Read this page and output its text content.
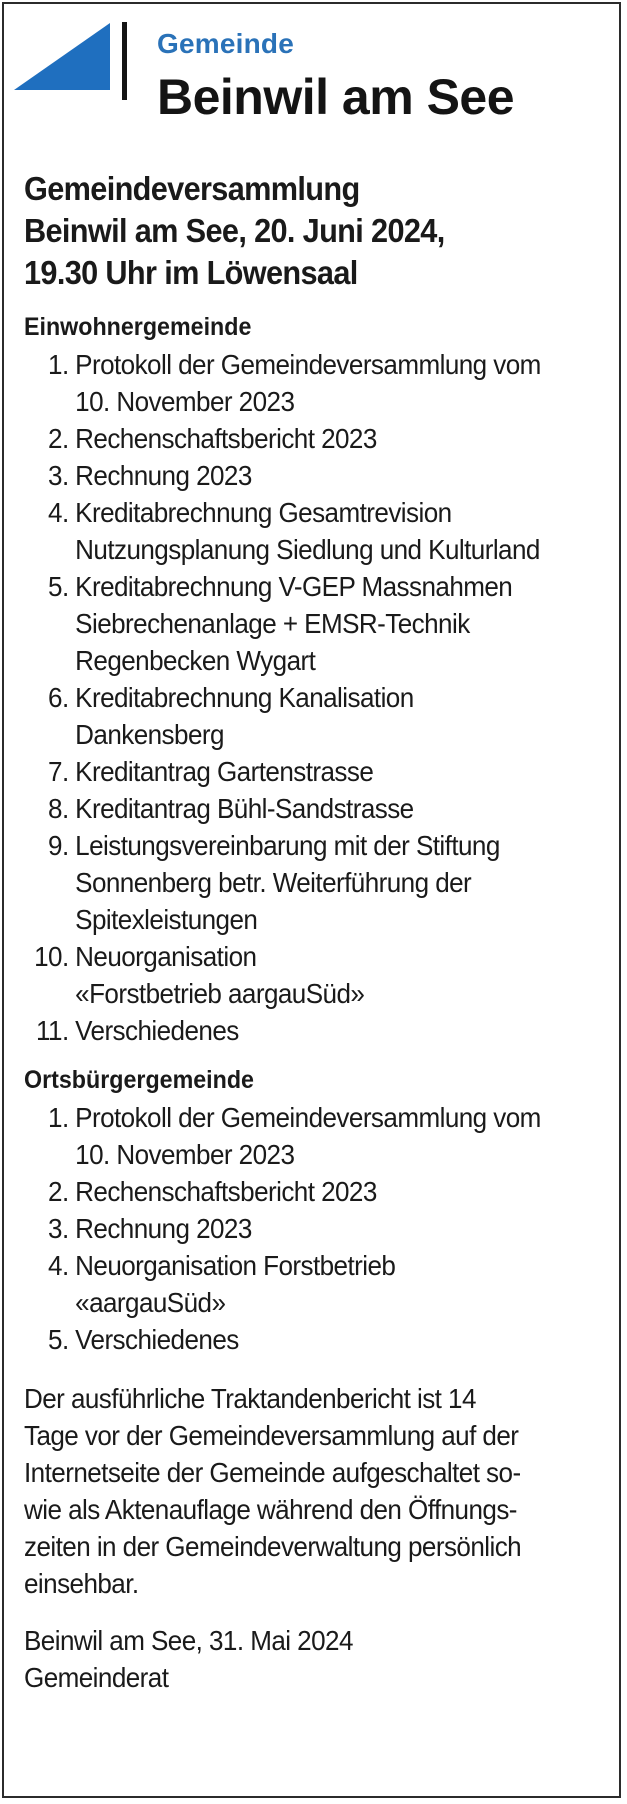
Gemeinde
Beinwil am See
Gemeindeversammlung
Beinwil am See, 20. Juni 2024,
19.30 Uhr im Löwensaal
Einwohnergemeinde
1. Protokoll der Gemeindeversammlung vom
10. November 2023
2. Rechenschaftsbericht 2023
3. Rechnung 2023
4. Kreditabrechnung Gesamtrevision
Nutzungsplanung Siedlung und Kulturland
5. Kreditabrechnung V-GEP Massnahmen
Siebrechenanlage + EMSR-Technik
Regenbecken Wygart
6. Kreditabrechnung Kanalisation
Dankensberg
7. Kreditantrag Gartenstrasse
8. Kreditantrag Bühl-Sandstrasse
9. Leistungsvereinbarung mit der Stiftung
Sonnenberg betr. Weiterführung der
Spitexleistungen
10. Neuorganisation
«Forstbetrieb aargauSüd»
11. Verschiedenes
Ortsbürgergemeinde
1. Protokoll der Gemeindeversammlung vom
10. November 2023
2. Rechenschaftsbericht 2023
3. Rechnung 2023
4. Neuorganisation Forstbetrieb
«aargauSüd»
5. Verschiedenes
Der ausführliche Traktandenbericht ist 14
Tage vor der Gemeindeversammlung auf der
Internetseite der Gemeinde aufgeschaltet so-
wie als Aktenauflage während den Öffnungs-
zeiten in der Gemeindeverwaltung persönlich
einsehbar.
Beinwil am See, 31. Mai 2024
Gemeinderat
